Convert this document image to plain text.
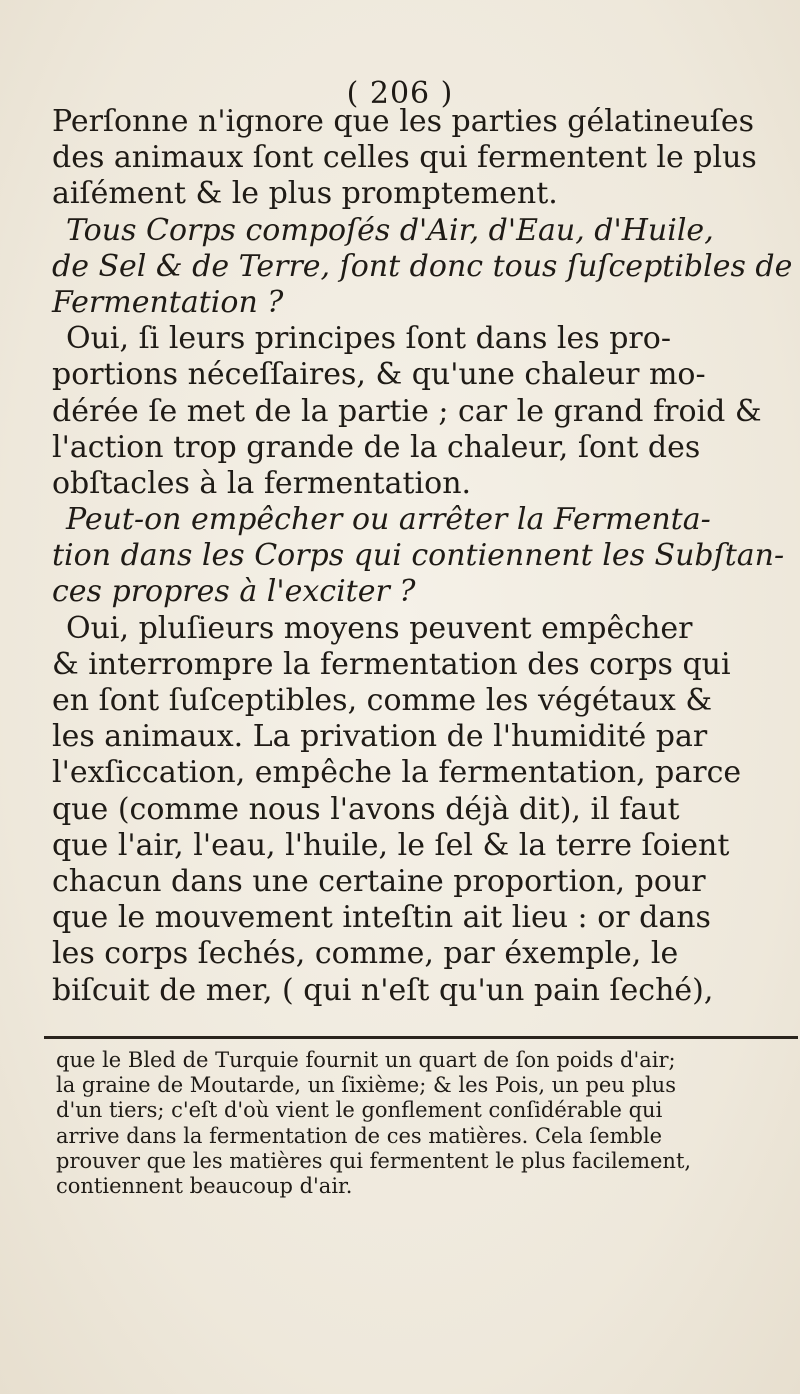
( 206 )
Perſonne n'ignore que les parties gélatineuſes
des animaux ſont celles qui fermentent le plus
aiſément & le plus promptement.
Tous Corps compoſés d'Air, d'Eau, d'Huile,
de Sel & de Terre, ſont donc tous ſuſceptibles de
Fermentation ?
Oui, ſi leurs principes ſont dans les pro-
portions néceſſaires, & qu'une chaleur mo-
dérée ſe met de la partie ; car le grand froid &
l'action trop grande de la chaleur, ſont des
obſtacles à la fermentation.
Peut-on empêcher ou arrêter la Fermenta-
tion dans les Corps qui contiennent les Subſtan-
ces propres à l'exciter ?
Oui, pluſieurs moyens peuvent empêcher
& interrompre la fermentation des corps qui
en ſont ſuſceptibles, comme les végétaux &
les animaux. La privation de l'humidité par
l'exſiccation, empêche la fermentation, parce
que (comme nous l'avons déjà dit), il faut
que l'air, l'eau, l'huile, le ſel & la terre ſoient
chacun dans une certaine proportion, pour
que le mouvement inteſtin ait lieu : or dans
les corps ſechés, comme, par éxemple, le
biſcuit de mer, ( qui n'eſt qu'un pain ſeché),
que le Bled de Turquie fournit un quart de ſon poids d'air;
la graine de Moutarde, un ſixième; & les Pois, un peu plus
d'un tiers; c'eſt d'où vient le gonflement conſidérable qui
arrive dans la fermentation de ces matières. Cela ſemble
prouver que les matières qui fermentent le plus facilement,
contiennent beaucoup d'air.
